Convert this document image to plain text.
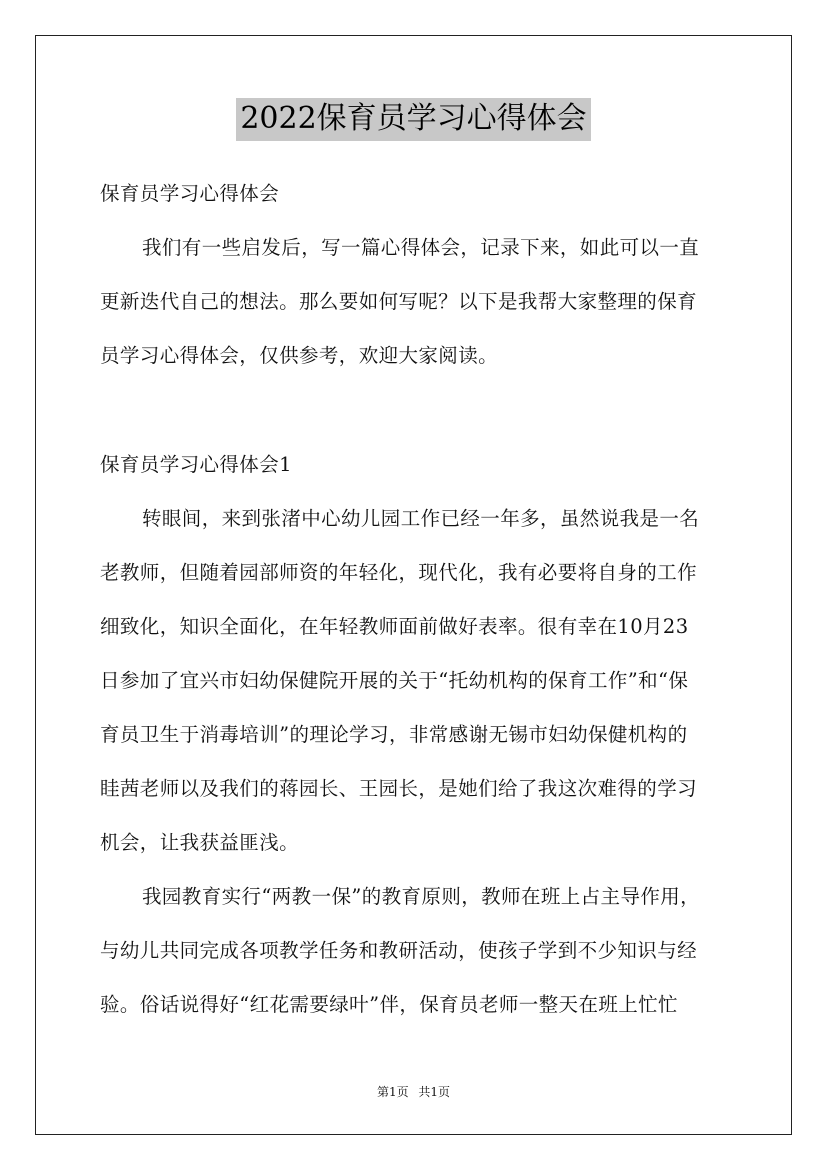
2022保育员学习心得体会
保育员学习心得体会
我们有一些启发后，写一篇心得体会，记录下来，如此可以一直
更新迭代自己的想法。那么要如何写呢？以下是我帮大家整理的保育
员学习心得体会，仅供参考，欢迎大家阅读。
保育员学习心得体会1
转眼间，来到张渚中心幼儿园工作已经一年多，虽然说我是一名
老教师，但随着园部师资的年轻化，现代化，我有必要将自身的工作
细致化，知识全面化，在年轻教师面前做好表率。很有幸在10月23
日参加了宜兴市妇幼保健院开展的关于“托幼机构的保育工作”和“保
育员卫生于消毒培训”的理论学习，非常感谢无锡市妇幼保健机构的
眭茜老师以及我们的蒋园长、王园长，是她们给了我这次难得的学习
机会，让我获益匪浅。
我园教育实行“两教一保”的教育原则，教师在班上占主导作用，
与幼儿共同完成各项教学任务和教研活动，使孩子学到不少知识与经
验。俗话说得好“红花需要绿叶”伴，保育员老师一整天在班上忙忙
第1页 共1页
